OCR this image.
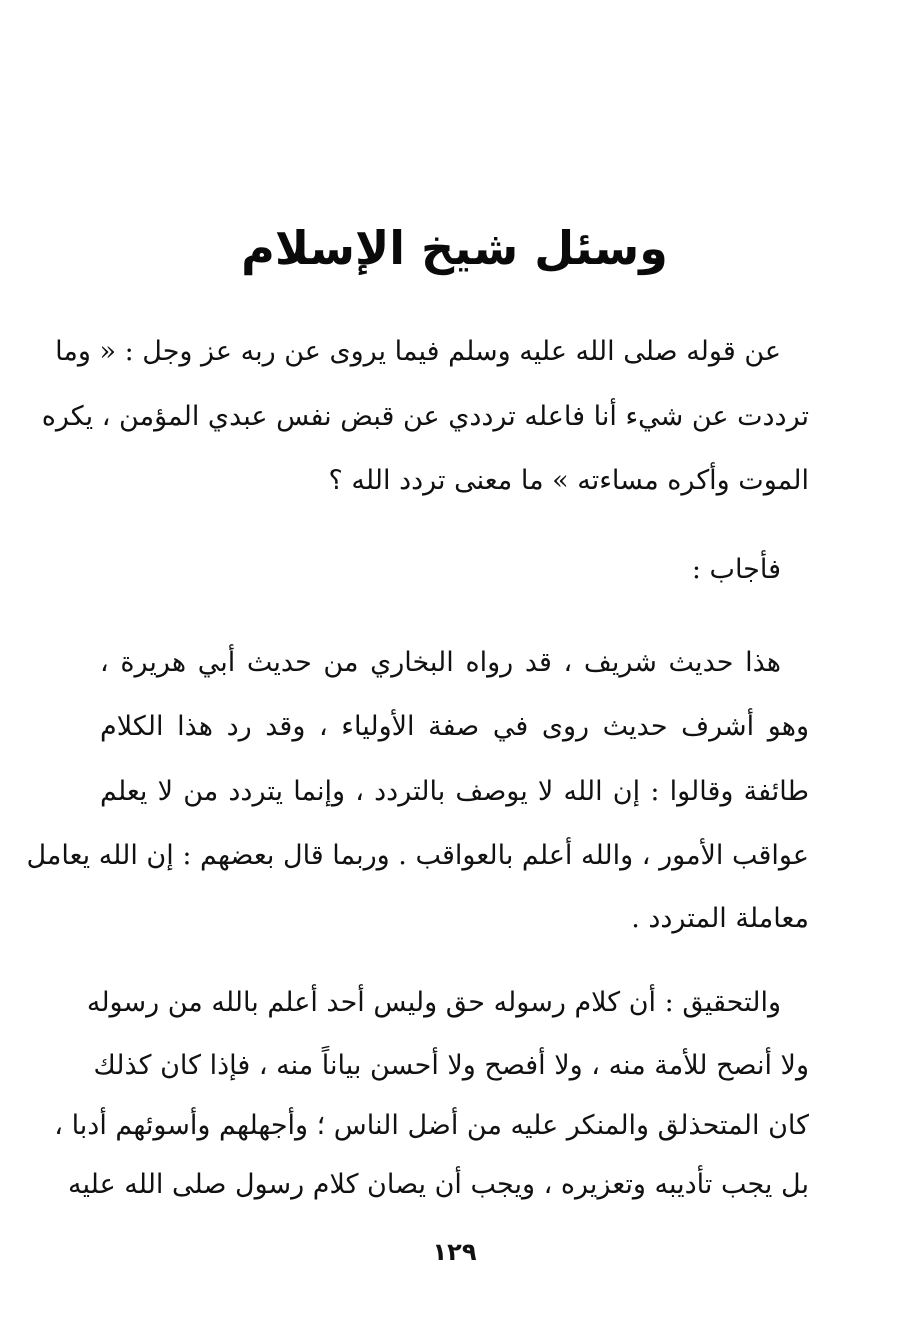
وسئل شيخ الإسلام

عن قوله صلى الله عليه وسلم فيما يروى عن ربه عز وجل : « وما

ترددت عن شيء أنا فاعله ترددي عن قبض نفس عبدي المؤمن ، يكره

الموت وأكره مساءته » ما معنى تردد الله ؟

فأجاب :

هذا حديث شريف ، قد رواه البخاري من حديث أبي هريرة ،

وهو أشرف حديث روى في صفة الأولياء ، وقد رد هذا الكلام

طائفة وقالوا : إن الله لا يوصف بالتردد ، وإنما يتردد من لا يعلم

عواقب الأمور ، والله أعلم بالعواقب . وربما قال بعضهم : إن الله يعامل

معاملة المتردد .

والتحقيق : أن كلام رسوله حق وليس أحد أعلم بالله من رسوله

ولا أنصح للأمة منه ، ولا أفصح ولا أحسن بياناً منه ، فإذا كان كذلك

كان المتحذلق والمنكر عليه من أضل الناس ؛ وأجهلهم وأسوئهم أدبا ،

بل يجب تأديبه وتعزيره ، ويجب أن يصان كلام رسول صلى الله عليه

١٢٩
